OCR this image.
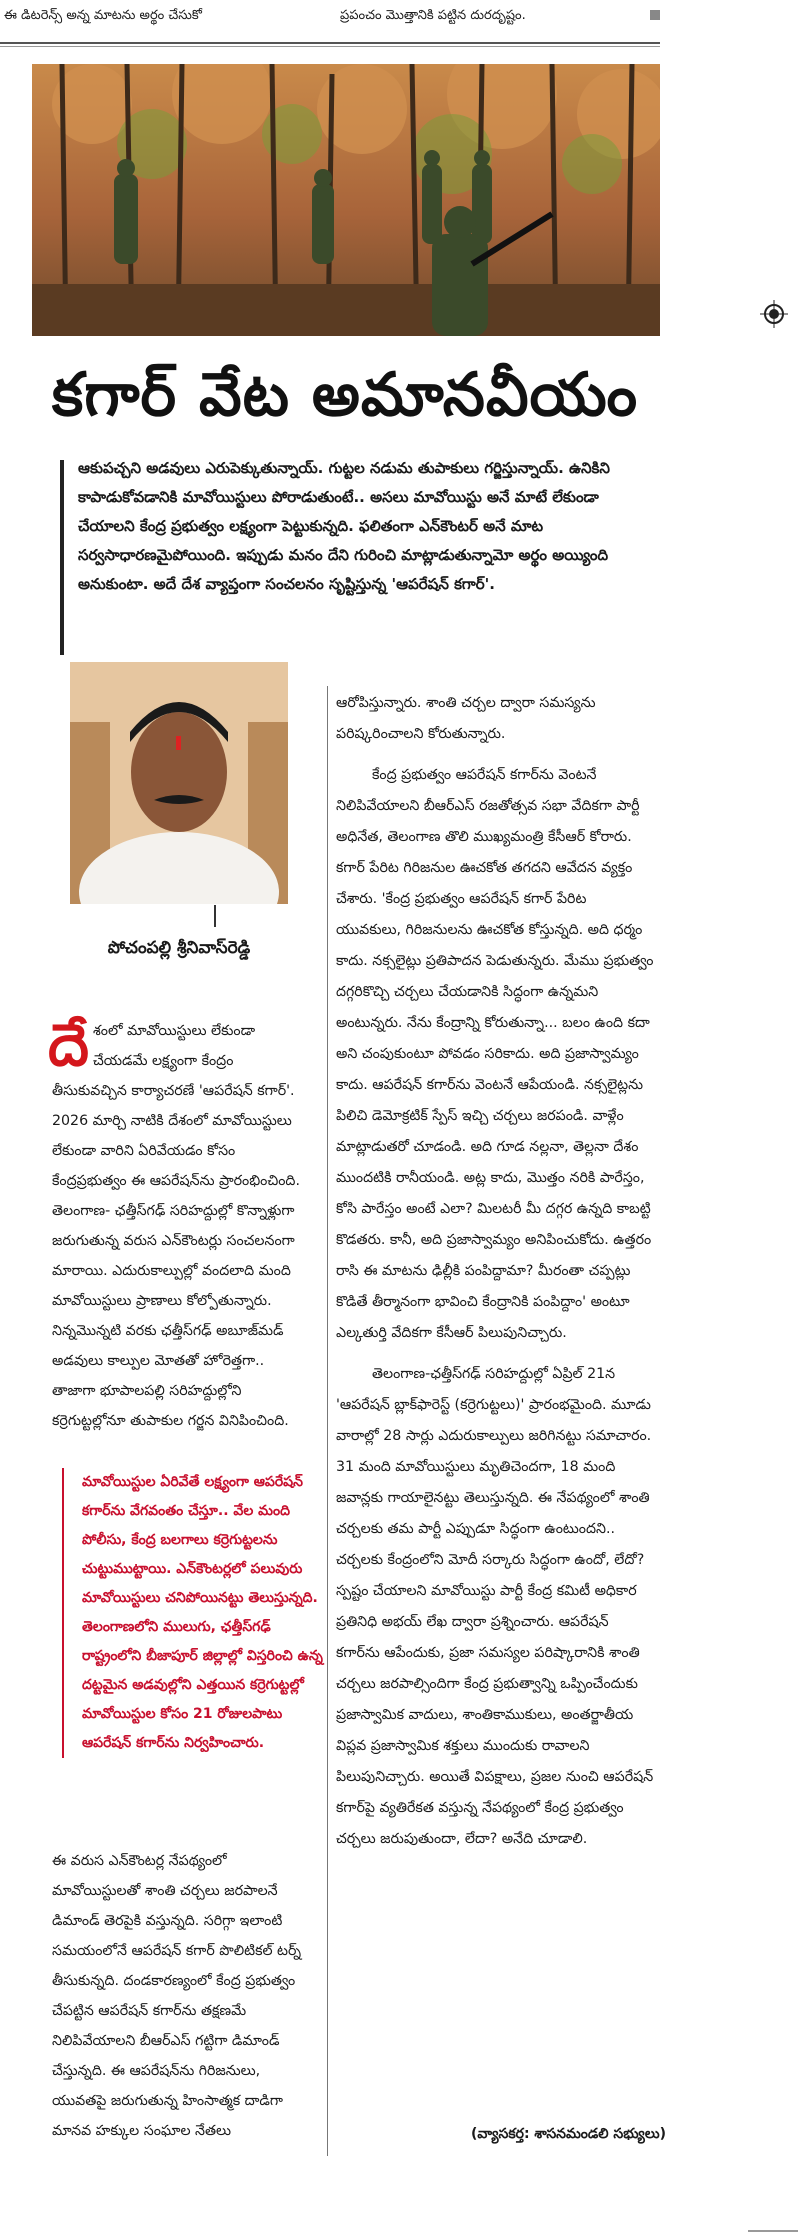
ఈ డిటరెన్స్ అన్న మాటను అర్థం చేసుకో	ప్రపంచం మొత్తానికి పట్టిన దురదృష్టం.
కగార్ వేట అమానవీయం

ఆకుపచ్చని అడవులు ఎరుపెక్కుతున్నాయ్. గుట్టల నడుమ తుపాకులు గర్జిస్తున్నాయ్. ఉనికిని కాపాడుకోవడానికి మావోయిస్టులు పోరాడుతుంటే.. అసలు మావోయిస్టు అనే మాటే లేకుండా చేయాలని కేంద్ర ప్రభుత్వం లక్ష్యంగా పెట్టుకున్నది. ఫలితంగా ఎన్‌కౌంటర్ అనే మాట సర్వసాధారణమైపోయింది. ఇప్పుడు మనం దేని గురించి మాట్లాడుతున్నామో అర్థం అయ్యింది అనుకుంటా. అదే దేశ వ్యాప్తంగా సంచలనం సృష్టిస్తున్న 'ఆపరేషన్ కగార్'.

పోచంపల్లి శ్రీనివాస్‌రెడ్డి
దే శంలో మావోయిస్టులు లేకుండా చేయడమే లక్ష్యంగా కేంద్రం తీసుకువచ్చిన కార్యాచరణే 'ఆపరేషన్ కగార్'. 2026 మార్చి నాటికి దేశంలో మావోయిస్టులు లేకుండా వారిని ఏరివేయడం కోసం కేంద్రప్రభుత్వం ఈ ఆపరేషన్‌ను ప్రారంభించింది. తెలంగాణ- ఛత్తీస్‌గఢ్ సరిహద్దుల్లో కొన్నాళ్లుగా జరుగుతున్న వరుస ఎన్‌కౌంటర్లు సంచలనంగా మారాయి. ఎదురుకాల్పుల్లో వందలాది మంది మావోయిస్టులు ప్రాణాలు కోల్పోతున్నారు. నిన్నమొన్నటి వరకు ఛత్తీస్‌గఢ్ అబూజ్‌మడ్ అడవులు కాల్పుల మోతతో హోరెత్తగా.. తాజాగా భూపాలపల్లి సరిహద్దుల్లోని కర్రెగుట్టల్లోనూ తుపాకుల గర్జన వినిపించింది.

మావోయిస్టుల ఏరివేతే లక్ష్యంగా ఆపరేషన్ కగార్‌ను వేగవంతం చేస్తూ.. వేల మంది పోలీసు, కేంద్ర బలగాలు కర్రెగుట్టలను చుట్టుముట్టాయి. ఎన్‌కౌంటర్లలో పలువురు మావోయిస్టులు చనిపోయినట్టు తెలుస్తున్నది. తెలంగాణలోని ములుగు, ఛత్తీస్‌గఢ్ రాష్ట్రంలోని బీజాపూర్ జిల్లాల్లో విస్తరించి ఉన్న దట్టమైన అడవుల్లోని ఎత్తయిన కర్రెగుట్టల్లో మావోయిస్టుల కోసం 21 రోజులపాటు ఆపరేషన్ కగార్‌ను నిర్వహించారు.

ఈ వరుస ఎన్‌కౌంటర్ల నేపథ్యంలో మావోయిస్టులతో శాంతి చర్చలు జరపాలనే డిమాండ్ తెరపైకి వస్తున్నది. సరిగ్గా ఇలాంటి సమయంలోనే ఆపరేషన్ కగార్ పొలిటికల్ టర్న్ తీసుకున్నది. దండకారణ్యంలో కేంద్ర ప్రభుత్వం చేపట్టిన ఆపరేషన్ కగార్‌ను తక్షణమే నిలిపివేయాలని బీఆర్‌ఎస్ గట్టిగా డిమాండ్ చేస్తున్నది. ఈ ఆపరేషన్‌ను గిరిజనులు, యువతపై జరుగుతున్న హింసాత్మక దాడిగా మానవ హక్కుల సంఘాల నేతలు

ఆరోపిస్తున్నారు. శాంతి చర్చల ద్వారా సమస్యను పరిష్కరించాలని కోరుతున్నారు.

కేంద్ర ప్రభుత్వం ఆపరేషన్ కగార్‌ను వెంటనే నిలిపివేయాలని బీఆర్‌ఎస్ రజతోత్సవ సభా వేదికగా పార్టీ అధినేత, తెలంగాణ తొలి ముఖ్యమంత్రి కేసీఆర్ కోరారు. కగార్ పేరిట గిరిజనుల ఊచకోత తగదని ఆవేదన వ్యక్తం చేశారు. 'కేంద్ర ప్రభుత్వం ఆపరేషన్ కగార్ పేరిట యువకులు, గిరిజనులను ఊచకోత కోస్తున్నది. అది ధర్మం కాదు. నక్సలైట్లు ప్రతిపాదన పెడుతున్నరు. మేము ప్రభుత్వం దగ్గరికొచ్చి చర్చలు చేయడానికి సిద్ధంగా ఉన్నమని అంటున్నరు. నేను కేంద్రాన్ని కోరుతున్నా... బలం ఉంది కదా అని చంపుకుంటూ పోవడం సరికాదు. అది ప్రజాస్వామ్యం కాదు. ఆపరేషన్ కగార్‌ను వెంటనే ఆపేయండి. నక్సలైట్లను పిలిచి డెమోక్రటిక్ స్పేస్ ఇచ్చి చర్చలు జరపండి. వాళ్లేం మాట్లాడుతరో చూడండి. అది గూడ నల్లనా, తెల్లనా దేశం ముందటికి రానీయండి. అట్ల కాదు, మొత్తం నరికి పారేస్తం, కోసి పారేస్తం అంటే ఎలా? మిలటరీ మీ దగ్గర ఉన్నది కాబట్టి కొడతరు. కానీ, అది ప్రజాస్వామ్యం అనిపించుకోదు. ఉత్తరం రాసి ఈ మాటను ఢిల్లీకి పంపిద్దామా? మీరంతా చప్పట్లు కొడితే తీర్మానంగా భావించి కేంద్రానికి పంపిద్దాం' అంటూ ఎల్కతుర్తి వేదికగా కేసీఆర్ పిలుపునిచ్చారు.

తెలంగాణ-ఛత్తీస్‌గఢ్ సరిహద్దుల్లో ఏప్రిల్ 21న 'ఆపరేషన్ బ్లాక్‌ఫారెస్ట్ (కర్రెగుట్టలు)' ప్రారంభమైంది. మూడు వారాల్లో 28 సార్లు ఎదురుకాల్పులు జరిగినట్టు సమాచారం. 31 మంది మావోయిస్టులు మృతిచెందగా, 18 మంది జవాన్లకు గాయాలైనట్టు తెలుస్తున్నది. ఈ నేపథ్యంలో శాంతి చర్చలకు తమ పార్టీ ఎప్పుడూ సిద్ధంగా ఉంటుందని.. చర్చలకు కేంద్రంలోని మోదీ సర్కారు సిద్ధంగా ఉందో, లేదో? స్పష్టం చేయాలని మావోయిస్టు పార్టీ కేంద్ర కమిటీ అధికార ప్రతినిధి అభయ్ లేఖ ద్వారా ప్రశ్నించారు. ఆపరేషన్ కగార్‌ను ఆపేందుకు, ప్రజా సమస్యల పరిష్కారానికి శాంతి చర్చలు జరపాల్సిందిగా కేంద్ర ప్రభుత్వాన్ని ఒప్పించేందుకు ప్రజాస్వామిక వాదులు, శాంతికాముకులు, అంతర్జాతీయ విప్లవ ప్రజాస్వామిక శక్తులు ముందుకు రావాలని పిలుపునిచ్చారు. అయితే విపక్షాలు, ప్రజల నుంచి ఆపరేషన్ కగార్‌పై వ్యతిరేకత వస్తున్న నేపథ్యంలో కేంద్ర ప్రభుత్వం చర్చలు జరుపుతుందా, లేదా? అనేది చూడాలి.

(వ్యాసకర్త: శాసనమండలి సభ్యులు)
